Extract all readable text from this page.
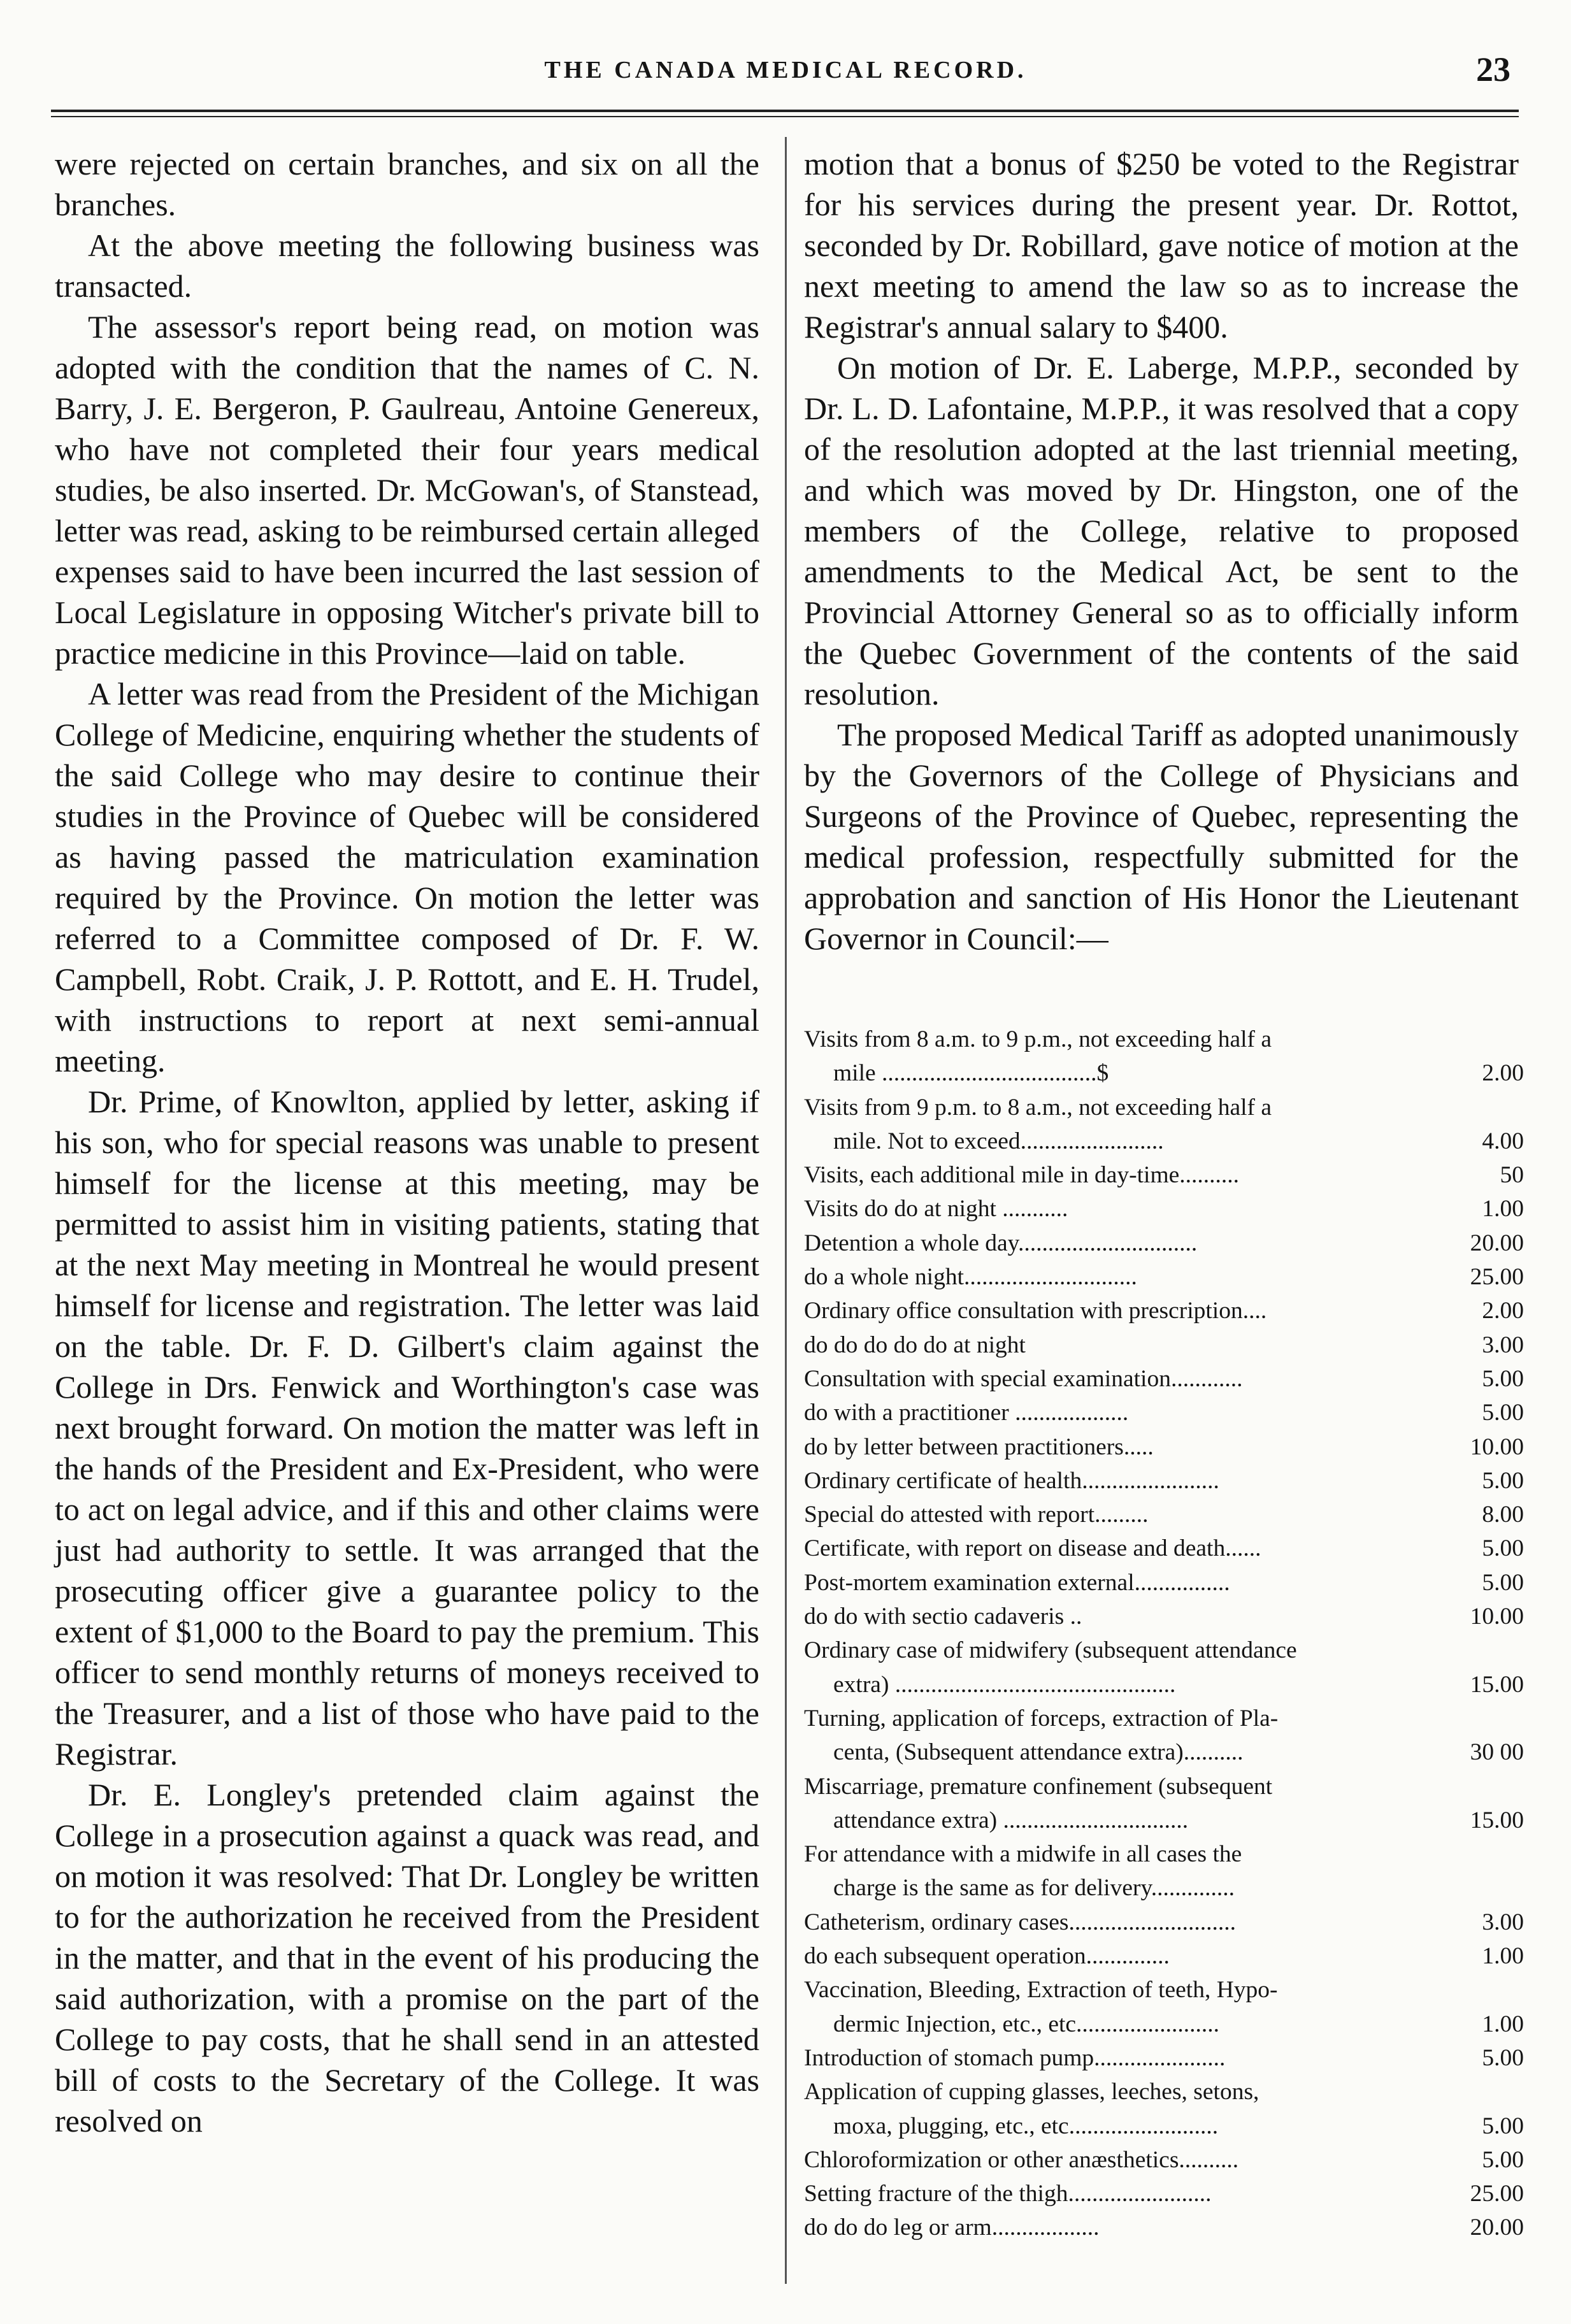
THE CANADA MEDICAL RECORD.	23

were rejected on certain branches, and six on all the branches.

At the above meeting the following business was transacted.

The assessor's report being read, on motion was adopted with the condition that the names of C. N. Barry, J. E. Bergeron, P. Gaulreau, Antoine Genereux, who have not completed their four years medical studies, be also inserted. Dr. McGowan's, of Stanstead, letter was read, asking to be reimbursed certain alleged expenses said to have been incurred the last session of Local Legislature in opposing Witcher's private bill to practice medicine in this Province—laid on table.

A letter was read from the President of the Michigan College of Medicine, enquiring whether the students of the said College who may desire to continue their studies in the Province of Quebec will be considered as having passed the matriculation examination required by the Province. On motion the letter was referred to a Committee composed of Dr. F. W. Campbell, Robt. Craik, J. P. Rottott, and E. H. Trudel, with instructions to report at next semi-annual meeting.

Dr. Prime, of Knowlton, applied by letter, asking if his son, who for special reasons was unable to present himself for the license at this meeting, may be permitted to assist him in visiting patients, stating that at the next May meeting in Montreal he would present himself for license and registration. The letter was laid on the table. Dr. F. D. Gilbert's claim against the College in Drs. Fenwick and Worthington's case was next brought forward. On motion the matter was left in the hands of the President and Ex-President, who were to act on legal advice, and if this and other claims were just had authority to settle. It was arranged that the prosecuting officer give a guarantee policy to the extent of $1,000 to the Board to pay the premium. This officer to send monthly returns of moneys received to the Treasurer, and a list of those who have paid to the Registrar.

Dr. E. Longley's pretended claim against the College in a prosecution against a quack was read, and on motion it was resolved: That Dr. Longley be written to for the authorization he received from the President in the matter, and that in the event of his producing the said authorization, with a promise on the part of the College to pay costs, that he shall send in an attested bill of costs to the Secretary of the College. It was resolved on

motion that a bonus of $250 be voted to the Registrar for his services during the present year. Dr. Rottot, seconded by Dr. Robillard, gave notice of motion at the next meeting to amend the law so as to increase the Registrar's annual salary to $400.

On motion of Dr. E. Laberge, M.P.P., seconded by Dr. L. D. Lafontaine, M.P.P., it was resolved that a copy of the resolution adopted at the last triennial meeting, and which was moved by Dr. Hingston, one of the members of the College, relative to proposed amendments to the Medical Act, be sent to the Provincial Attorney General so as to officially inform the Quebec Government of the contents of the said resolution.

The proposed Medical Tariff as adopted unanimously by the Governors of the College of Physicians and Surgeons of the Province of Quebec, representing the medical profession, respectfully submitted for the approbation and sanction of His Honor the Lieutenant Governor in Council:—

Visits from 8 a.m. to 9 p.m., not exceeding half a
mile ....................................$	2.00
Visits from 9 p.m. to 8 a.m., not exceeding half a
mile. Not to exceed........................	4.00
Visits, each additional mile in day-time..........	50
Visits do do at night ...........	1.00
Detention a whole day..............................	20.00
do a whole night.............................	25.00
Ordinary office consultation with prescription....	2.00
do do do do do at night	3.00
Consultation with special examination............	5.00
do with a practitioner ...................	5.00
do by letter between practitioners.....	10.00
Ordinary certificate of health.......................	5.00
Special do attested with report.........	8.00
Certificate, with report on disease and death......	5.00
Post-mortem examination external................	5.00
do do with sectio cadaveris ..	10.00
Ordinary case of midwifery (subsequent attendance
extra) ...............................................	15.00
Turning, application of forceps, extraction of Pla-
centa, (Subsequent attendance extra)..........	30 00
Miscarriage, premature confinement (subsequent
attendance extra) ...............................	15.00
For attendance with a midwife in all cases the
charge is the same as for delivery..............
Catheterism, ordinary cases............................	3.00
do each subsequent operation..............	1.00
Vaccination, Bleeding, Extraction of teeth, Hypo-
dermic Injection, etc., etc........................	1.00
Introduction of stomach pump......................	5.00
Application of cupping glasses, leeches, setons,
moxa, plugging, etc., etc.........................	5.00
Chloroformization or other anæsthetics..........	5.00
Setting fracture of the thigh........................	25.00
do do do leg or arm..................	20.00
